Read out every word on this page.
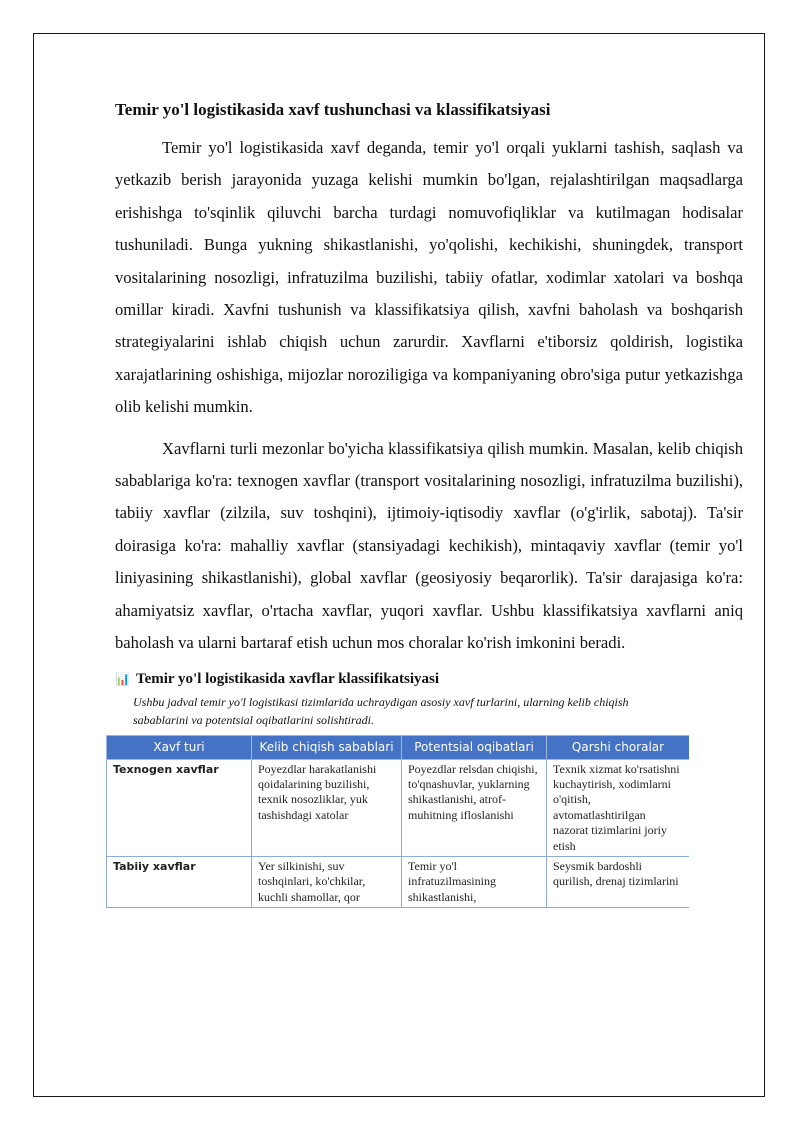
Temir yo'l logistikasida xavf tushunchasi va klassifikatsiyasi

Temir yo'l logistikasida xavf deganda, temir yo'l orqali yuklarni tashish, saqlash va yetkazib berish jarayonida yuzaga kelishi mumkin bo'lgan, rejalashtirilgan maqsadlarga erishishga to'sqinlik qiluvchi barcha turdagi nomuvofiqliklar va kutilmagan hodisalar tushuniladi. Bunga yukning shikastlanishi, yo'qolishi, kechikishi, shuningdek, transport vositalarining nosozligi, infratuzilma buzilishi, tabiiy ofatlar, xodimlar xatolari va boshqa omillar kiradi. Xavfni tushunish va klassifikatsiya qilish, xavfni baholash va boshqarish strategiyalarini ishlab chiqish uchun zarurdir. Xavflarni e'tiborsiz qoldirish, logistika xarajatlarining oshishiga, mijozlar noroziligiga va kompaniyaning obro'siga putur yetkazishga olib kelishi mumkin.

Xavflarni turli mezonlar bo'yicha klassifikatsiya qilish mumkin. Masalan, kelib chiqish sabablariga ko'ra: texnogen xavflar (transport vositalarining nosozligi, infratuzilma buzilishi), tabiiy xavflar (zilzila, suv toshqini), ijtimoiy-iqtisodiy xavflar (o'g'irlik, sabotaj). Ta'sir doirasiga ko'ra: mahalliy xavflar (stansiyadagi kechikish), mintaqaviy xavflar (temir yo'l liniyasining shikastlanishi), global xavflar (geosiyosiy beqarorlik). Ta'sir darajasiga ko'ra: ahamiyatsiz xavflar, o'rtacha xavflar, yuqori xavflar. Ushbu klassifikatsiya xavflarni aniq baholash va ularni bartaraf etish uchun mos choralar ko'rish imkonini beradi.

📊 Temir yo'l logistikasida xavflar klassifikatsiyasi
Ushbu jadval temir yo'l logistikasi tizimlarida uchraydigan asosiy xavf turlarini, ularning kelib chiqish sabablarini va potentsial oqibatlarini solishtiradi.
Xavf turi	Kelib chiqish sabablari	Potentsial oqibatlari	Qarshi choralar
Texnogen xavflar	Poyezdlar harakatlanishi qoidalarining buzilishi, texnik nosozliklar, yuk tashishdagi xatolar	Poyezdlar relsdan chiqishi, to'qnashuvlar, yuklarning shikastlanishi, atrof-muhitning ifloslanishi	Texnik xizmat ko'rsatishni kuchaytirish, xodimlarni o'qitish, avtomatlashtirilgan nazorat tizimlarini joriy etish
Tabiiy xavflar	Yer silkinishi, suv toshqinlari, ko'chkilar, kuchli shamollar, qor	Temir yo'l infratuzilmasining shikastlanishi,	Seysmik bardoshli qurilish, drenaj tizimlarini
